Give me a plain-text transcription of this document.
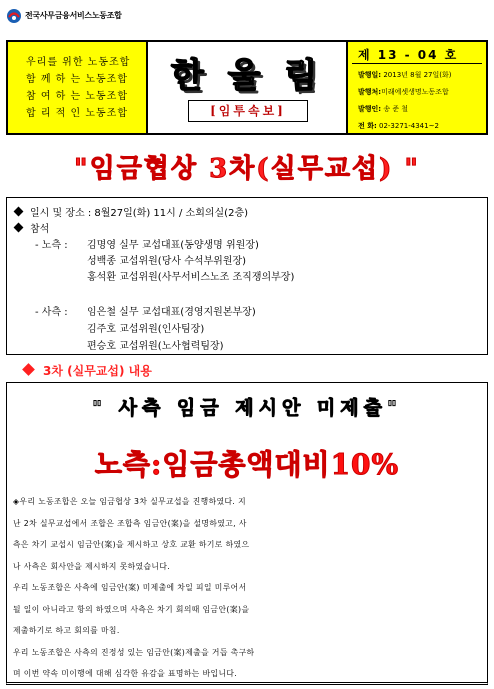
전국사무금융서비스노동조합
우리를 위한 노동조합
함 께 하 는 노동조합
참 여 하 는 노동조합
합 리 적 인 노동조합
한 울 림
[임투속보]
제 13 - 04 호
발행일: 2013년 8월 27일(화)
발행처:미래에셋생명노동조합
발행인: 송 준 철
전 화: 02-3271-4341~2
"임금협상 3차(실무교섭) "
일시 및 장소 : 8월27일(화) 11시 / 소회의실(2층)
참석
- 노측 : 김명영 실무 교섭대표(동양생명 위원장)
성백종 교섭위원(당사 수석부위원장)
홍석환 교섭위원(사무서비스노조 조직쟁의부장)
- 사측 : 임은철 실무 교섭대표(경영지원본부장)
김주호 교섭위원(인사팀장)
편승호 교섭위원(노사협력팀장)
3차 (실무교섭) 내용
" 사측 임금 제시안 미제출"
노측:임금총액대비10%

◈우리 노동조합은 오늘 임금협상 3차 실무교섭을 진행하였다. 지

난 2차 실무교섭에서 조합은 조합측 임금안(案)을 설명하였고, 사

측은 차기 교섭시 임금안(案)을 제시하고 상호 교환 하기로 하였으

나 사측은 회사안을 제시하지 못하였습니다.

우리 노동조합은 사측에 임금안(案) 미제출에 차일 피일 미루어서

될 일이 아니라고 항의 하였으며 사측은 차기 회의때 임금안(案)을

제출하기로 하고 회의를 마침.

우리 노동조합은 사측의 진정성 있는 임금안(案)제출을 거듭 촉구하

며 이번 약속 미이행에 대해 심각한 유감을 표명하는 바입니다.
